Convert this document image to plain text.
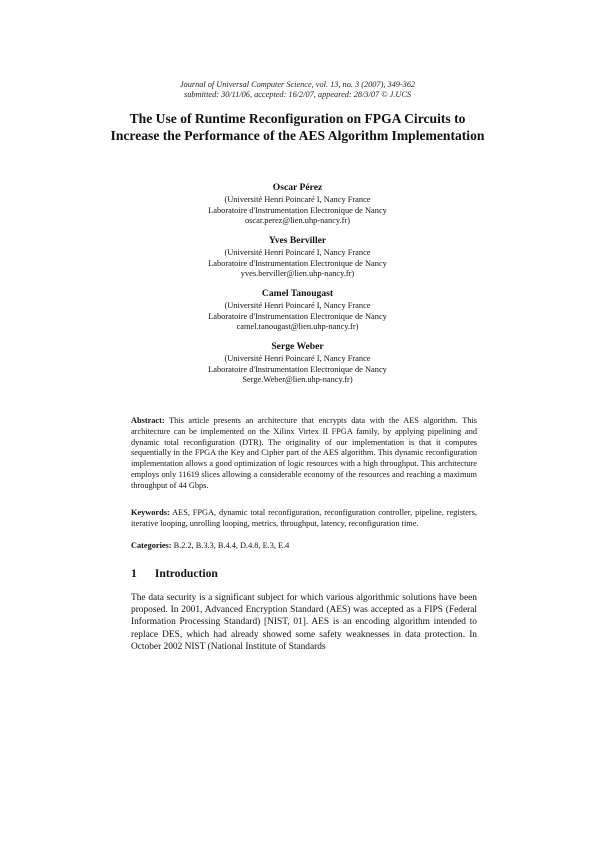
Journal of Universal Computer Science, vol. 13, no. 3 (2007), 349-362
submitted: 30/11/06, accepted: 16/2/07, appeared: 28/3/07 © J.UCS
The Use of Runtime Reconfiguration on FPGA Circuits to Increase the Performance of the AES Algorithm Implementation
Oscar Pérez
(Université Henri Poincaré I, Nancy France
Laboratoire d'Instrumentation Electronique de Nancy
oscar.perez@lien.uhp-nancy.fr)
Yves Berviller
(Université Henri Poincaré I, Nancy France
Laboratoire d'Instrumentation Electronique de Nancy
yves.berviller@lien.uhp-nancy.fr)
Camel Tanougast
(Université Henri Poincaré I, Nancy France
Laboratoire d'Instrumentation Electronique de Nancy
camel.tanougast@lien.uhp-nancy.fr)
Serge Weber
(Université Henri Poincaré I, Nancy France
Laboratoire d'Instrumentation Electronique de Nancy
Serge.Weber@lien.uhp-nancy.fr)
Abstract: This article presents an architecture that encrypts data with the AES algorithm. This architecture can be implemented on the Xilinx Virtex II FPGA family, by applying pipelining and dynamic total reconfiguration (DTR). The originality of our implementation is that it computes sequentially in the FPGA the Key and Cipher part of the AES algorithm. This dynamic reconfiguration implementation allows a good optimization of logic resources with a high throughput. This architecture employs only 11619 slices allowing a considerable economy of the resources and reaching a maximum throughput of 44 Gbps.
Keywords: AES, FPGA, dynamic total reconfiguration, reconfiguration controller, pipeline, registers, iterative looping, unrolling looping, metrics, throughput, latency, reconfiguration time.
Categories: B.2.2, B.3.3, B.4.4, D.4.8, E.3, E.4
1 Introduction
The data security is a significant subject for which various algorithmic solutions have been proposed. In 2001, Advanced Encryption Standard (AES) was accepted as a FIPS (Federal Information Processing Standard) [NIST, 01]. AES is an encoding algorithm intended to replace DES, which had already showed some safety weaknesses in data protection. In October 2002 NIST (National Institute of Standards
